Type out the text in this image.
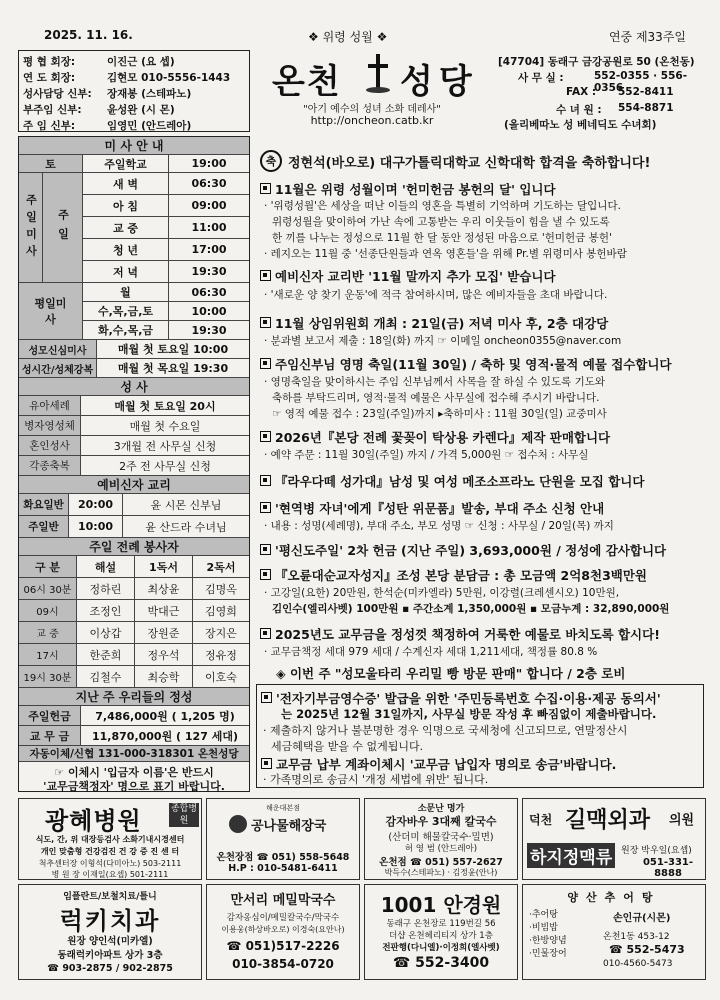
2025. 11. 16.	❖ 위령 성월 ❖	연중 제33주일
평 협 회장:	이진근 (요 셉)
연 도 회장:	김현모 010-5556-1443
성사담당 신부:	장재봉 (스테파노)
부주임 신부:	윤성완 (시 몬)
주 임 신부:	임영민 (안드레아)
온천 성당
"아기 예수의 성녀 소화 데레사"
http://oncheon.catb.kr
[47704] 동래구 금강공원로 50 (온천동)
사 무 실 :	552-0355 · 556-0356
FAX : 552-8411
수 녀 원 : 554-8871
(올리베따노 성 베네딕도 수녀회)
미 사 안 내
토	주일학교	19:00
주일미사	주일
새 벽	06:30
아 침	09:00
교 중	11:00
청 년	17:00
저 녁	19:30
평일미사
월	06:30
수,목,금,토	10:00
화,수,목,금	19:30
성모신심미사	매월 첫 토요일 10:00
성시간/성체강복	매월 첫 목요일 19:30
성 사
유아세례	매월 첫 토요일 20시
병자영성체	매월 첫 수요일
혼인성사	3개월 전 사무실 신청
각종축복	2주 전 사무실 신청
예비신자 교리
화요일반	20:00	윤 시몬 신부님
주일반	10:00	윤 산드라 수녀님
주일 전례 봉사자
구 분	해설	1독서	2독서
06시 30분	정하린	최상윤	김명옥
09시	조정인	박대근	김영희
교 중	이상갑	장원준	장지은
17시	한준희	정우석	정유정
19시 30분	김철수	최승학	이호숙
지난 주 우리들의 정성
주일헌금	7,486,000원 ( 1,205 명)
교 무 금	11,870,000원 ( 127 세대)
자동이체/신협 131-000-318301 온천성당
☞ 이체시 '입금자 이름'은 반드시
'교무금책정자' 명으로 표기 바랍니다.
축 정현석(바오로) 대구가톨릭대학교 신학대학 합격을 축하합니다!
11월은 위령 성월이며 '헌미헌금 봉헌의 달' 입니다
· '위령성월'은 세상을 떠난 이들의 영혼을 특별히 기억하며 기도하는 달입니다.
위령성월을 맞이하여 가난 속에 고통받는 우리 이웃들이 힘을 낼 수 있도록
한 끼를 나누는 정성으로 11월 한 달 동안 정성된 마음으로 '헌미헌금 봉헌'
· 레지오는 11월 중 '선종단원들과 연옥 영혼들'을 위해 Pr.별 위령미사 봉헌바람
예비신자 교리반 '11월 말까지 추가 모집' 받습니다
· '새로운 양 찾기 운동'에 적극 참여하시며, 많은 예비자들을 초대 바랍니다.
11월 상임위원회 개최 : 21일(금) 저녁 미사 후, 2층 대강당
· 분과별 보고서 제출 : 18일(화) 까지 ☞ 이메일 oncheon0355@naver.com
주임신부님 영명 축일(11월 30일) / 축하 및 영적·물적 예물 접수합니다
· 영명축일을 맞이하시는 주임 신부님께서 사목을 잘 하실 수 있도록 기도와
축하를 부탁드리며, 영적·물적 예물은 사무실에 접수해 주시기 바랍니다.
☞ 영적 예물 접수 : 23일(주일)까지 ▸축하미사 : 11월 30일(일) 교중미사
2026년『본당 전례 꽃꽂이 탁상용 카렌다』제작 판매합니다
· 예약 주문 : 11월 30일(주일) 까지 / 가격 5,000원 ☞ 접수처 : 사무실
『라우다떼 성가대』남성 및 여성 메조소프라노 단원을 모집 합니다
'현역병 자녀'에게『성탄 위문품』발송, 부대 주소 신청 안내
· 내용 : 성명(세례명), 부대 주소, 부모 성명 ☞ 신청 : 사무실 / 20일(목) 까지
'평신도주일' 2차 헌금 (지난 주일) 3,693,000원 / 정성에 감사합니다
『오륜대순교자성지』조성 본당 분담금 : 총 모금액 2억8천3백만원
· 고강일(요한) 20만원, 한석순(미카엘라) 5만원, 이강렬(크레센시오) 10만원,
김인수(엘리사벳) 100만원 ▪ 주간소계 1,350,000원 ▪ 모금누계 : 32,890,000원
2025년도 교무금을 정성껏 책정하여 거룩한 예물로 바치도록 합시다!
· 교무금책정 세대 979 세대 / 수계신자 세대 1,211세대, 책정률 80.8 %
◈ 이번 주 "성모울타리 우리밀 빵 방문 판매" 합니다 / 2층 로비
'전자기부금영수증' 발급을 위한 '주민등록번호 수집·이용·제공 동의서'
는 2025년 12월 31일까지, 사무실 방문 작성 후 빠짐없이 제출바랍니다.
· 제출하지 않거나 불분명한 경우 익명으로 국세청에 신고되므로, 연말정산시
세금혜택을 받을 수 없게됩니다.
교무금 납부 계좌이체시 '교무금 납입자 명의로 송금'바랍니다.
· 가족명의로 송금시 '개정 세법에 위반' 됩니다.
광혜병원	종합병원
식도, 간, 위 대장등검사 소화기내시경센터
개인 맞춤형 건강검진 건 강 증 진 센 터
척추센터장 이형석(다미아노) 503-2111
병 원 장 이재일(요셉) 501-2111
공나물해장국
해운대본점
온천장점 ☎ 051) 558-5648
H.P : 010-5481-6411
소문난 명가
감자바우 3대째 칼국수
(산더미 해물칼국수·밀면)
허 영 범 (안드레아)
온천점 ☎ 051) 557-2627
박득수(스테파노) · 김정윤(안나)
덕천 길맥외과 의원
하지정맥류 원장 박우일(요셉)
051-331-8888
임플란트/보철치료/틀니
럭키치과
원장 양인석(미카엘)
동래럭키아파트 상가 3층
☎ 903-2875 / 902-2875
만서리 메밀막국수
감자옹심이/메밀칼국수/막국수
이용웅(하상바오로) 이경숙(요안나)
☎ 051)517-2226
010-3854-0720
1001 안경원
동래구 온천장로 119번길 56
더샵 온천헤리티지 상가 1층
전판행(다니엘)·이정희(엘사벳)
☎ 552-3400
양산추어탕
·추어탕
·비빔밥
·한방양념
·민물장어
손인규(시몬)
온천1동 453-12
☎ 552-5473
010-4560-5473
